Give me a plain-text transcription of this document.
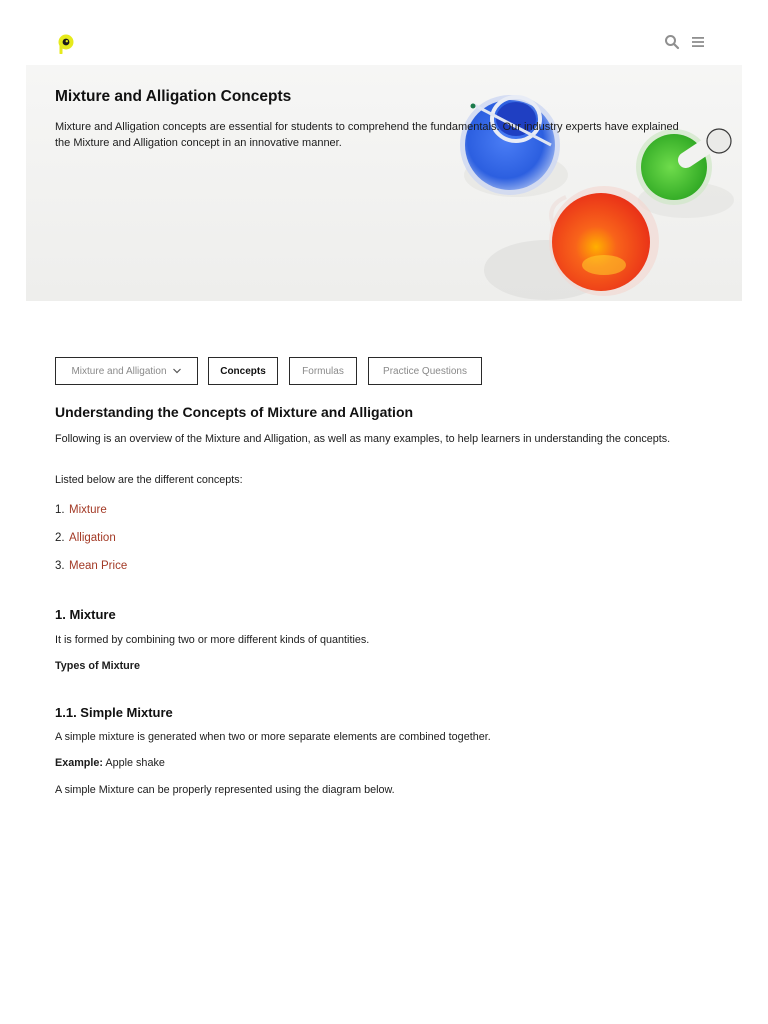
Mixture and Alligation Concepts
Mixture and Alligation concepts are essential for students to comprehend the fundamentals. Our industry experts have explained the Mixture and Alligation concept in an innovative manner.
Mixture and Alligation	Concepts	Formulas	Practice Questions
Understanding the Concepts of Mixture and Alligation
Following is an overview of the Mixture and Alligation, as well as many examples, to help learners in understanding the concepts.
Listed below are the different concepts:
1. Mixture
2. Alligation
3. Mean Price
1. Mixture
It is formed by combining two or more different kinds of quantities.
Types of Mixture
1.1. Simple Mixture
A simple mixture is generated when two or more separate elements are combined together.
Example: Apple shake
A simple Mixture can be properly represented using the diagram below.
